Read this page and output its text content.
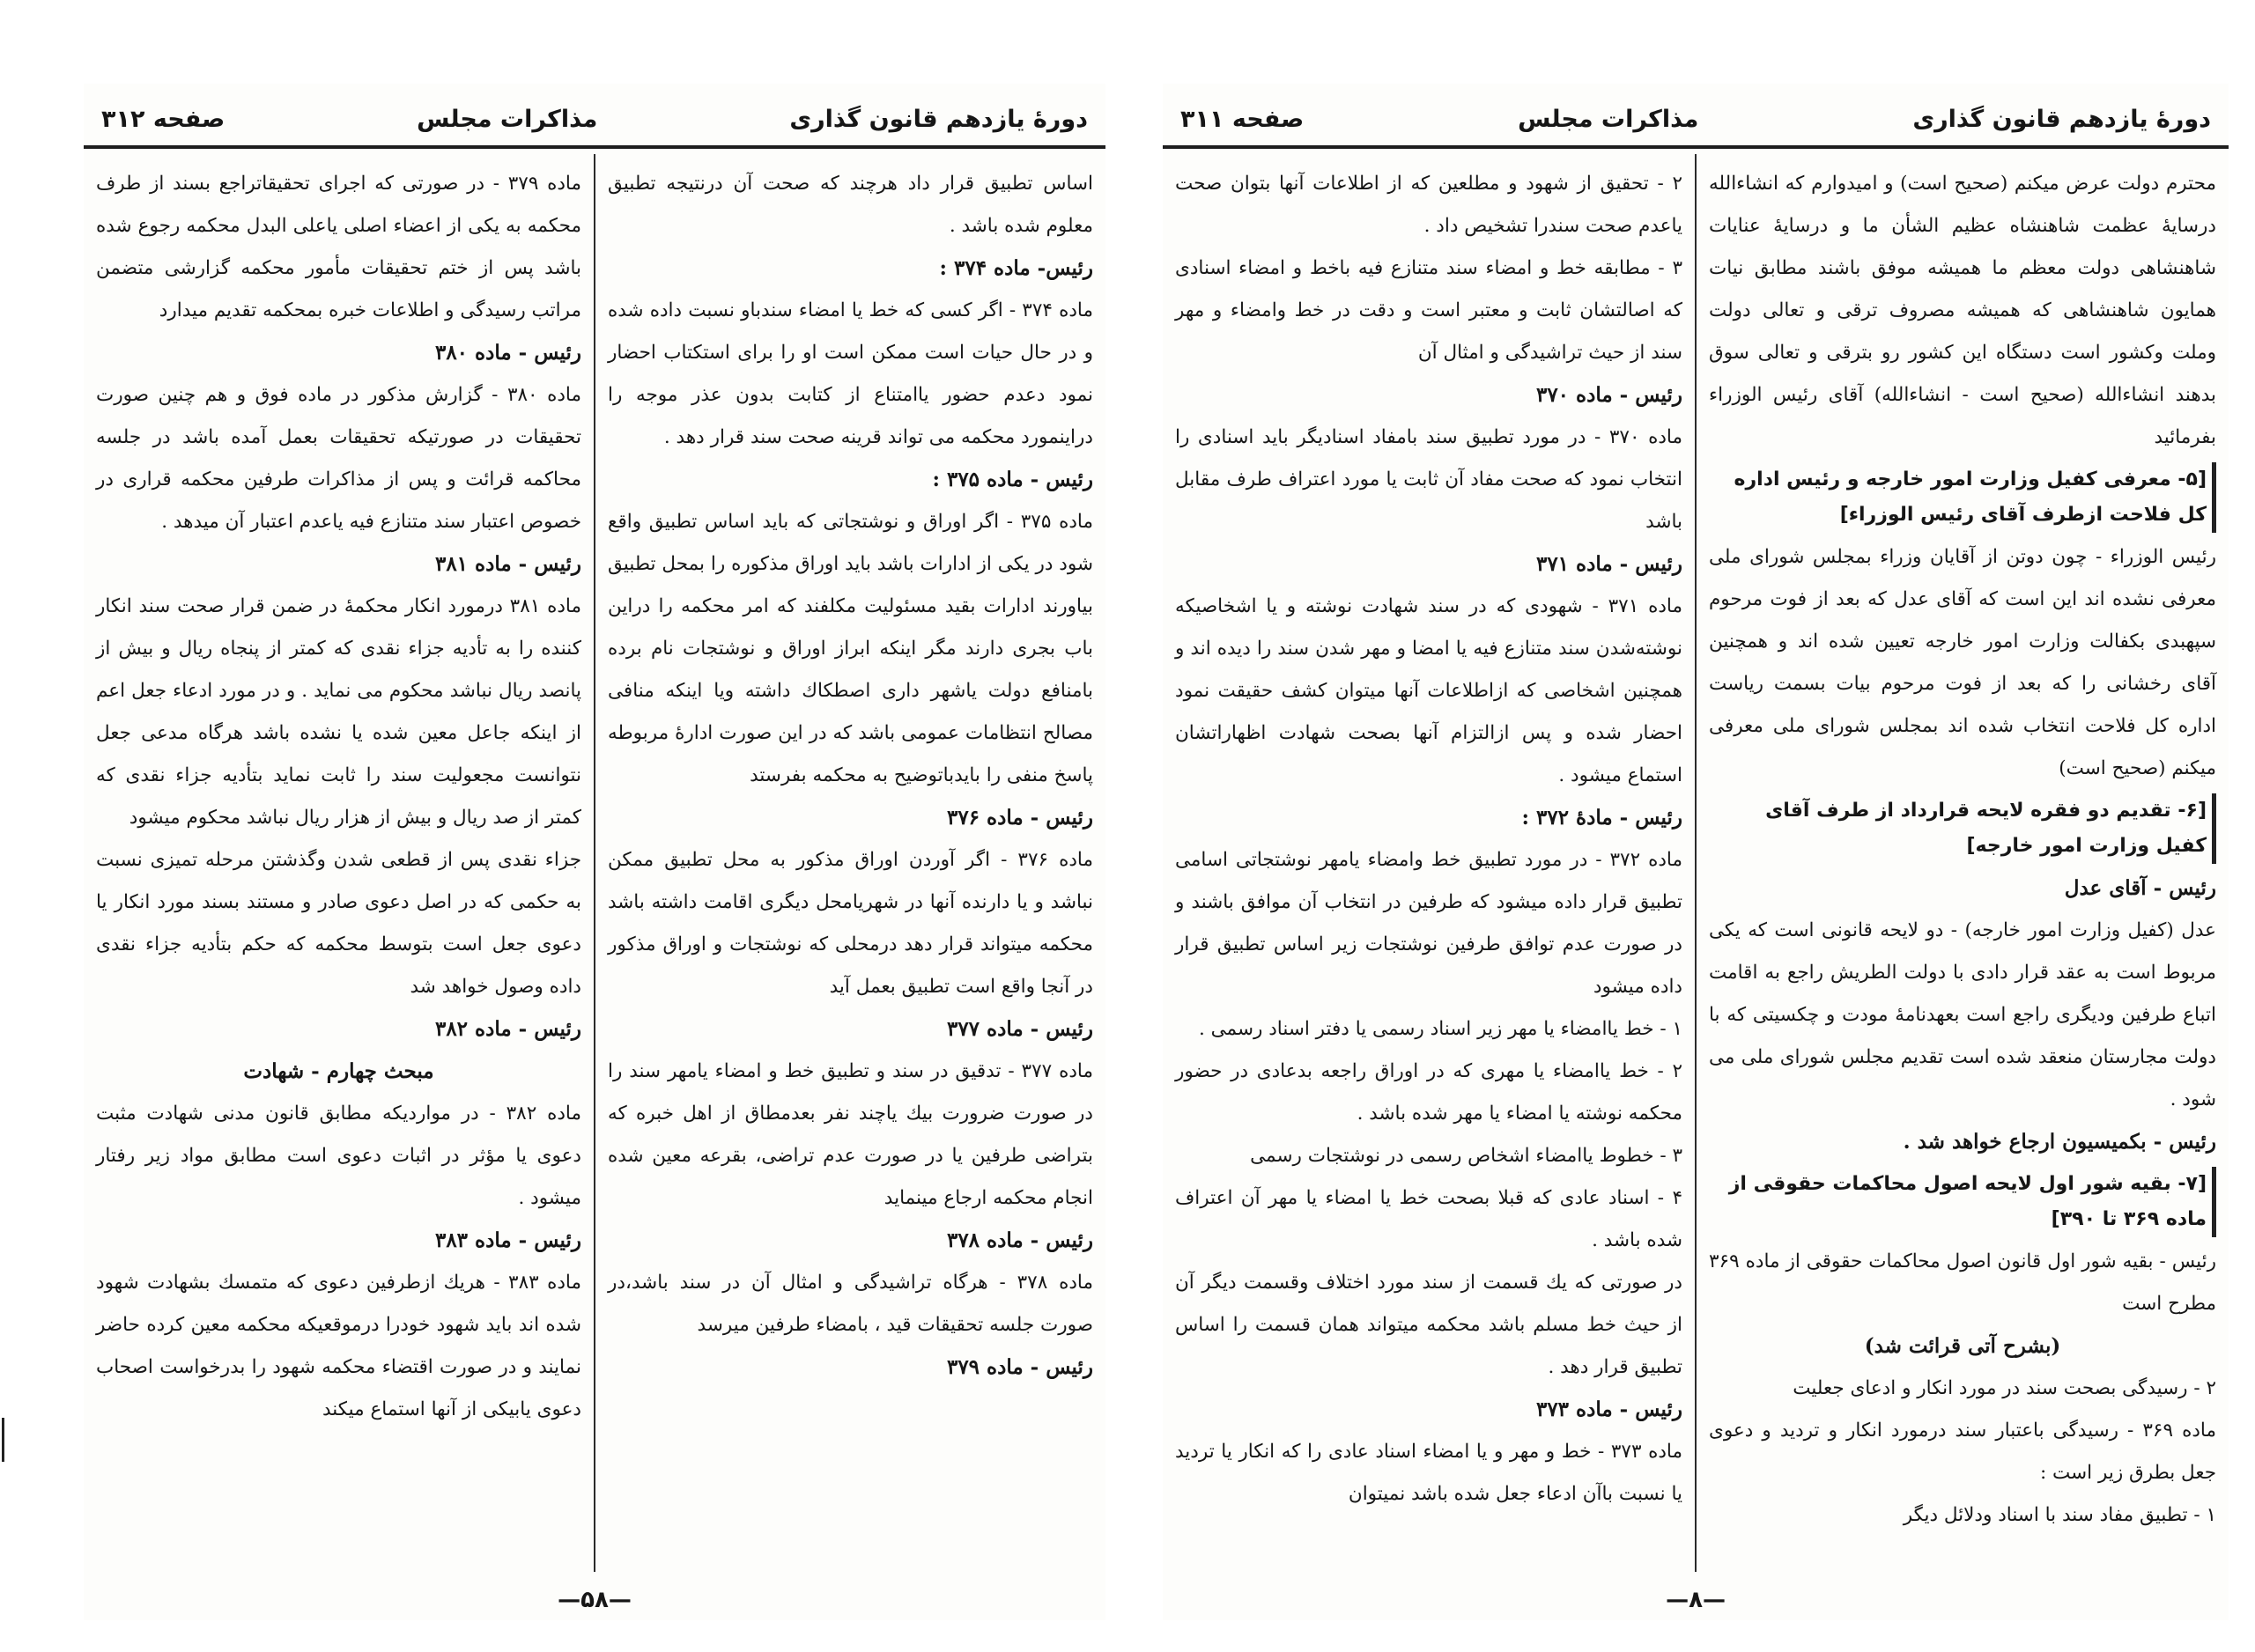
دورهٔ یازدهم قانون گذاری
مذاکرات مجلس
صفحه ۳۱۲

اساس تطبیق قرار داد هرچند که صحت آن درنتیجه تطبیق معلوم شده باشد .

رئیس- ماده ۳۷۴ :

ماده ۳۷۴ - اگر کسی که خط یا امضاء سندباو نسبت داده شده و در حال حیات است ممکن است او را برای استکتاب احضار نمود دعدم حضور یاامتناع از کتابت بدون عذر موجه را دراینمورد محکمه می تواند قرینه صحت سند قرار دهد .

رئیس - ماده ۳۷۵ :

ماده ۳۷۵ - اگر اوراق و نوشتجاتی که باید اساس تطبیق واقع شود در یکی از ادارات باشد باید اوراق مذکوره را بمحل تطبیق بیاورند ادارات بقید مسئولیت مکلفند که امر محکمه را دراین باب بجری دارند مگر اینکه ابراز اوراق و نوشتجات نام برده بامنافع دولت یاشهر داری اصطکاك داشته ویا اینکه منافی مصالح انتظامات عمومی باشد که در این صورت ادارهٔ مربوطه پاسخ منفی را بایدباتوضیح به محکمه بفرستد

رئیس - ماده ۳۷۶

ماده ۳۷۶ - اگر آوردن اوراق مذکور به محل تطبیق ممکن نباشد و یا دارنده آنها در شهریامحل دیگری اقامت داشته باشد محکمه میتواند قرار دهد درمحلی که نوشتجات و اوراق مذکور در آنجا واقع است تطبیق بعمل آید

رئیس - ماده ۳۷۷

ماده ۳۷۷ - تدقیق در سند و تطبیق خط و امضاء یامهر سند را در صورت ضرورت بیك یاچند نفر بعدمطاق از اهل خبره که بتراضی طرفین یا در صورت عدم تراضی، بقرعه معین شده انجام محکمه ارجاع مینماید

رئیس - ماده ۳۷۸

ماده ۳۷۸ - هرگاه تراشیدگی و امثال آن در سند باشد،در صورت جلسه تحقیقات قید ، بامضاء طرفین میرسد

رئیس - ماده ۳۷۹

ماده ۳۷۹ - در صورتی که اجرای تحقیقاتراجع بسند از طرف محکمه به یکی از اعضاء اصلی یاعلی البدل محکمه رجوع شده باشد پس از ختم تحقیقات مأمور محکمه گزارشی متضمن مراتب رسیدگی و اطلاعات خبره بمحکمه تقدیم میدارد

رئیس - ماده ۳۸۰

ماده ۳۸۰ - گزارش مذکور در ماده فوق و هم چنین صورت تحقیقات در صورتیکه تحقیقات بعمل آمده باشد در جلسه محاکمه قرائت و پس از مذاکرات طرفین محکمه قراری در خصوص اعتبار سند متنازع فیه یاعدم اعتبار آن میدهد .

رئیس - ماده ۳۸۱

ماده ۳۸۱ درمورد انکار محکمهٔ در ضمن قرار صحت سند انکار کننده را به تأدیه جزاء نقدی که کمتر از پنجاه ریال و بیش از پانصد ریال نباشد محکوم می نماید . و در مورد ادعاء جعل اعم از اینکه جاعل معین شده یا نشده باشد هرگاه مدعی جعل نتوانست مجعولیت سند را ثابت نماید بتأدیه جزاء نقدی که کمتر از صد ریال و بیش از هزار ریال نباشد محکوم میشود

جزاء نقدی پس از قطعی شدن وگذشتن مرحله تمیزی نسبت به حکمی که در اصل دعوی صادر و مستند بسند مورد انکار یا دعوی جعل است بتوسط محکمه که حکم بتأدیه جزاء نقدی داده وصول خواهد شد

رئیس - ماده ۳۸۲

مبحث چهارم - شهادت

ماده ۳۸۲ - در مواردیکه مطابق قانون مدنی شهادت مثبت دعوی یا مؤثر در اثبات دعوی است مطابق مواد زیر رفتار میشود .

رئیس - ماده ۳۸۳

ماده ۳۸۳ - هریك ازطرفین دعوی که متمسك بشهادت شهود شده اند باید شهود خودرا درموقعیکه محکمه معین کرده حاضر نمایند و در صورت اقتضاء محکمه شهود را بدرخواست اصحاب دعوی یابیکی از آنها استماع میکند

—۵۸—
دورهٔ یازدهم قانون گذاری
مذاکرات مجلس
صفحه ۳۱۱

محترم دولت عرض میکنم (صحیح است) و امیدوارم که انشاءالله درسایهٔ عظمت شاهنشاه عظیم الشأن ما و درسایهٔ عنایات شاهنشاهی دولت معظم ما همیشه موفق باشند مطابق نیات همایون شاهنشاهی که همیشه مصروف ترقی و تعالی دولت وملت وکشور است دستگاه این کشور رو بترقی و تعالی سوق بدهند انشاءالله (صحیح است - انشاءالله) آقای رئیس الوزراء بفرمائید

[۵- معرفی کفیل وزارت امور خارجه و رئیس اداره کل فلاحت ازطرف آقای رئیس الوزراء]

رئیس الوزراء - چون دوتن از آقایان وزراء بمجلس شورای ملی معرفی نشده اند این است که آقای عدل که بعد از فوت مرحوم سپهبدی بکفالت وزارت امور خارجه تعیین شده اند و همچنین آقای رخشانی را که بعد از فوت مرحوم بیات بسمت ریاست اداره کل فلاحت انتخاب شده اند بمجلس شورای ملی معرفی میکنم (صحیح است)

[۶- تقدیم دو فقره لایحه قرارداد از طرف آقای کفیل وزارت امور خارجه]

رئیس - آقای عدل

عدل (کفیل وزارت امور خارجه) - دو لایحه قانونی است که یکی مربوط است به عقد قرار دادی با دولت الطریش راجع به اقامت اتباع طرفین ودیگری راجع است بعهدنامهٔ مودت و چکسیتی که با دولت مجارستان منعقد شده است تقدیم مجلس شورای ملی می شود .

رئیس - بکمیسیون ارجاع خواهد شد .

[۷- بقیه شور اول لایحه اصول محاکمات حقوقی از ماده ۳۶۹ تا ۳۹۰]

رئیس - بقیه شور اول قانون اصول محاکمات حقوقی از ماده ۳۶۹ مطرح است

(بشرح آتی قرائت شد)

۲ - رسیدگی بصحت سند در مورد انکار و ادعای جعلیت

ماده ۳۶۹ - رسیدگی باعتبار سند درمورد انکار و تردید و دعوی جعل بطرق زیر است :

۱ - تطبیق مفاد سند با اسناد ودلائل دیگر

۲ - تحقیق از شهود و مطلعین که از اطلاعات آنها بتوان صحت یاعدم صحت سندرا تشخیص داد .

۳ - مطابقه خط و امضاء سند متنازع فیه باخط و امضاء اسنادی که اصالتشان ثابت و معتبر است و دقت در خط وامضاء و مهر سند از حیث تراشیدگی و امثال آن

رئیس - ماده ۳۷۰

ماده ۳۷۰ - در مورد تطبیق سند بامفاد اسنادیگر باید اسنادی را انتخاب نمود که صحت مفاد آن ثابت یا مورد اعتراف طرف مقابل باشد

رئیس - ماده ۳۷۱

ماده ۳۷۱ - شهودی که در سند شهادت نوشته و یا اشخاصیکه نوشته‌شدن سند متنازع فیه یا امضا و مهر شدن سند را دیده اند و همچنین اشخاصی که ازاطلاعات آنها میتوان کشف حقیقت نمود احضار شده و پس ازالتزام آنها بصحت شهادت اظهاراتشان استماع میشود .

رئیس - مادهٔ ۳۷۲ :

ماده ۳۷۲ - در مورد تطبیق خط وامضاء یامهر نوشتجاتی اسامی تطبیق قرار داده میشود که طرفین در انتخاب آن موافق باشند و در صورت عدم توافق طرفین نوشتجات زیر اساس تطبیق قرار داده میشود

۱ - خط یاامضاء یا مهر زیر اسناد رسمی یا دفتر اسناد رسمی .

۲ - خط یاامضاء یا مهری که در اوراق راجعه بدعادی در حضور محکمه نوشته یا امضاء یا مهر شده باشد .

۳ - خطوط یاامضاء اشخاص رسمی در نوشتجات رسمی

۴ - اسناد عادی که قبلا بصحت خط یا امضاء یا مهر آن اعتراف شده باشد .

در صورتی که یك قسمت از سند مورد اختلاف وقسمت دیگر آن از حیث خط مسلم باشد محکمه میتواند همان قسمت را اساس تطبیق قرار دهد .

رئیس - ماده ۳۷۳

ماده ۳۷۳ - خط و مهر و یا امضاء اسناد عادی را که انکار یا تردید یا نسبت باآن ادعاء جعل شده باشد نمیتوان

—۸—
